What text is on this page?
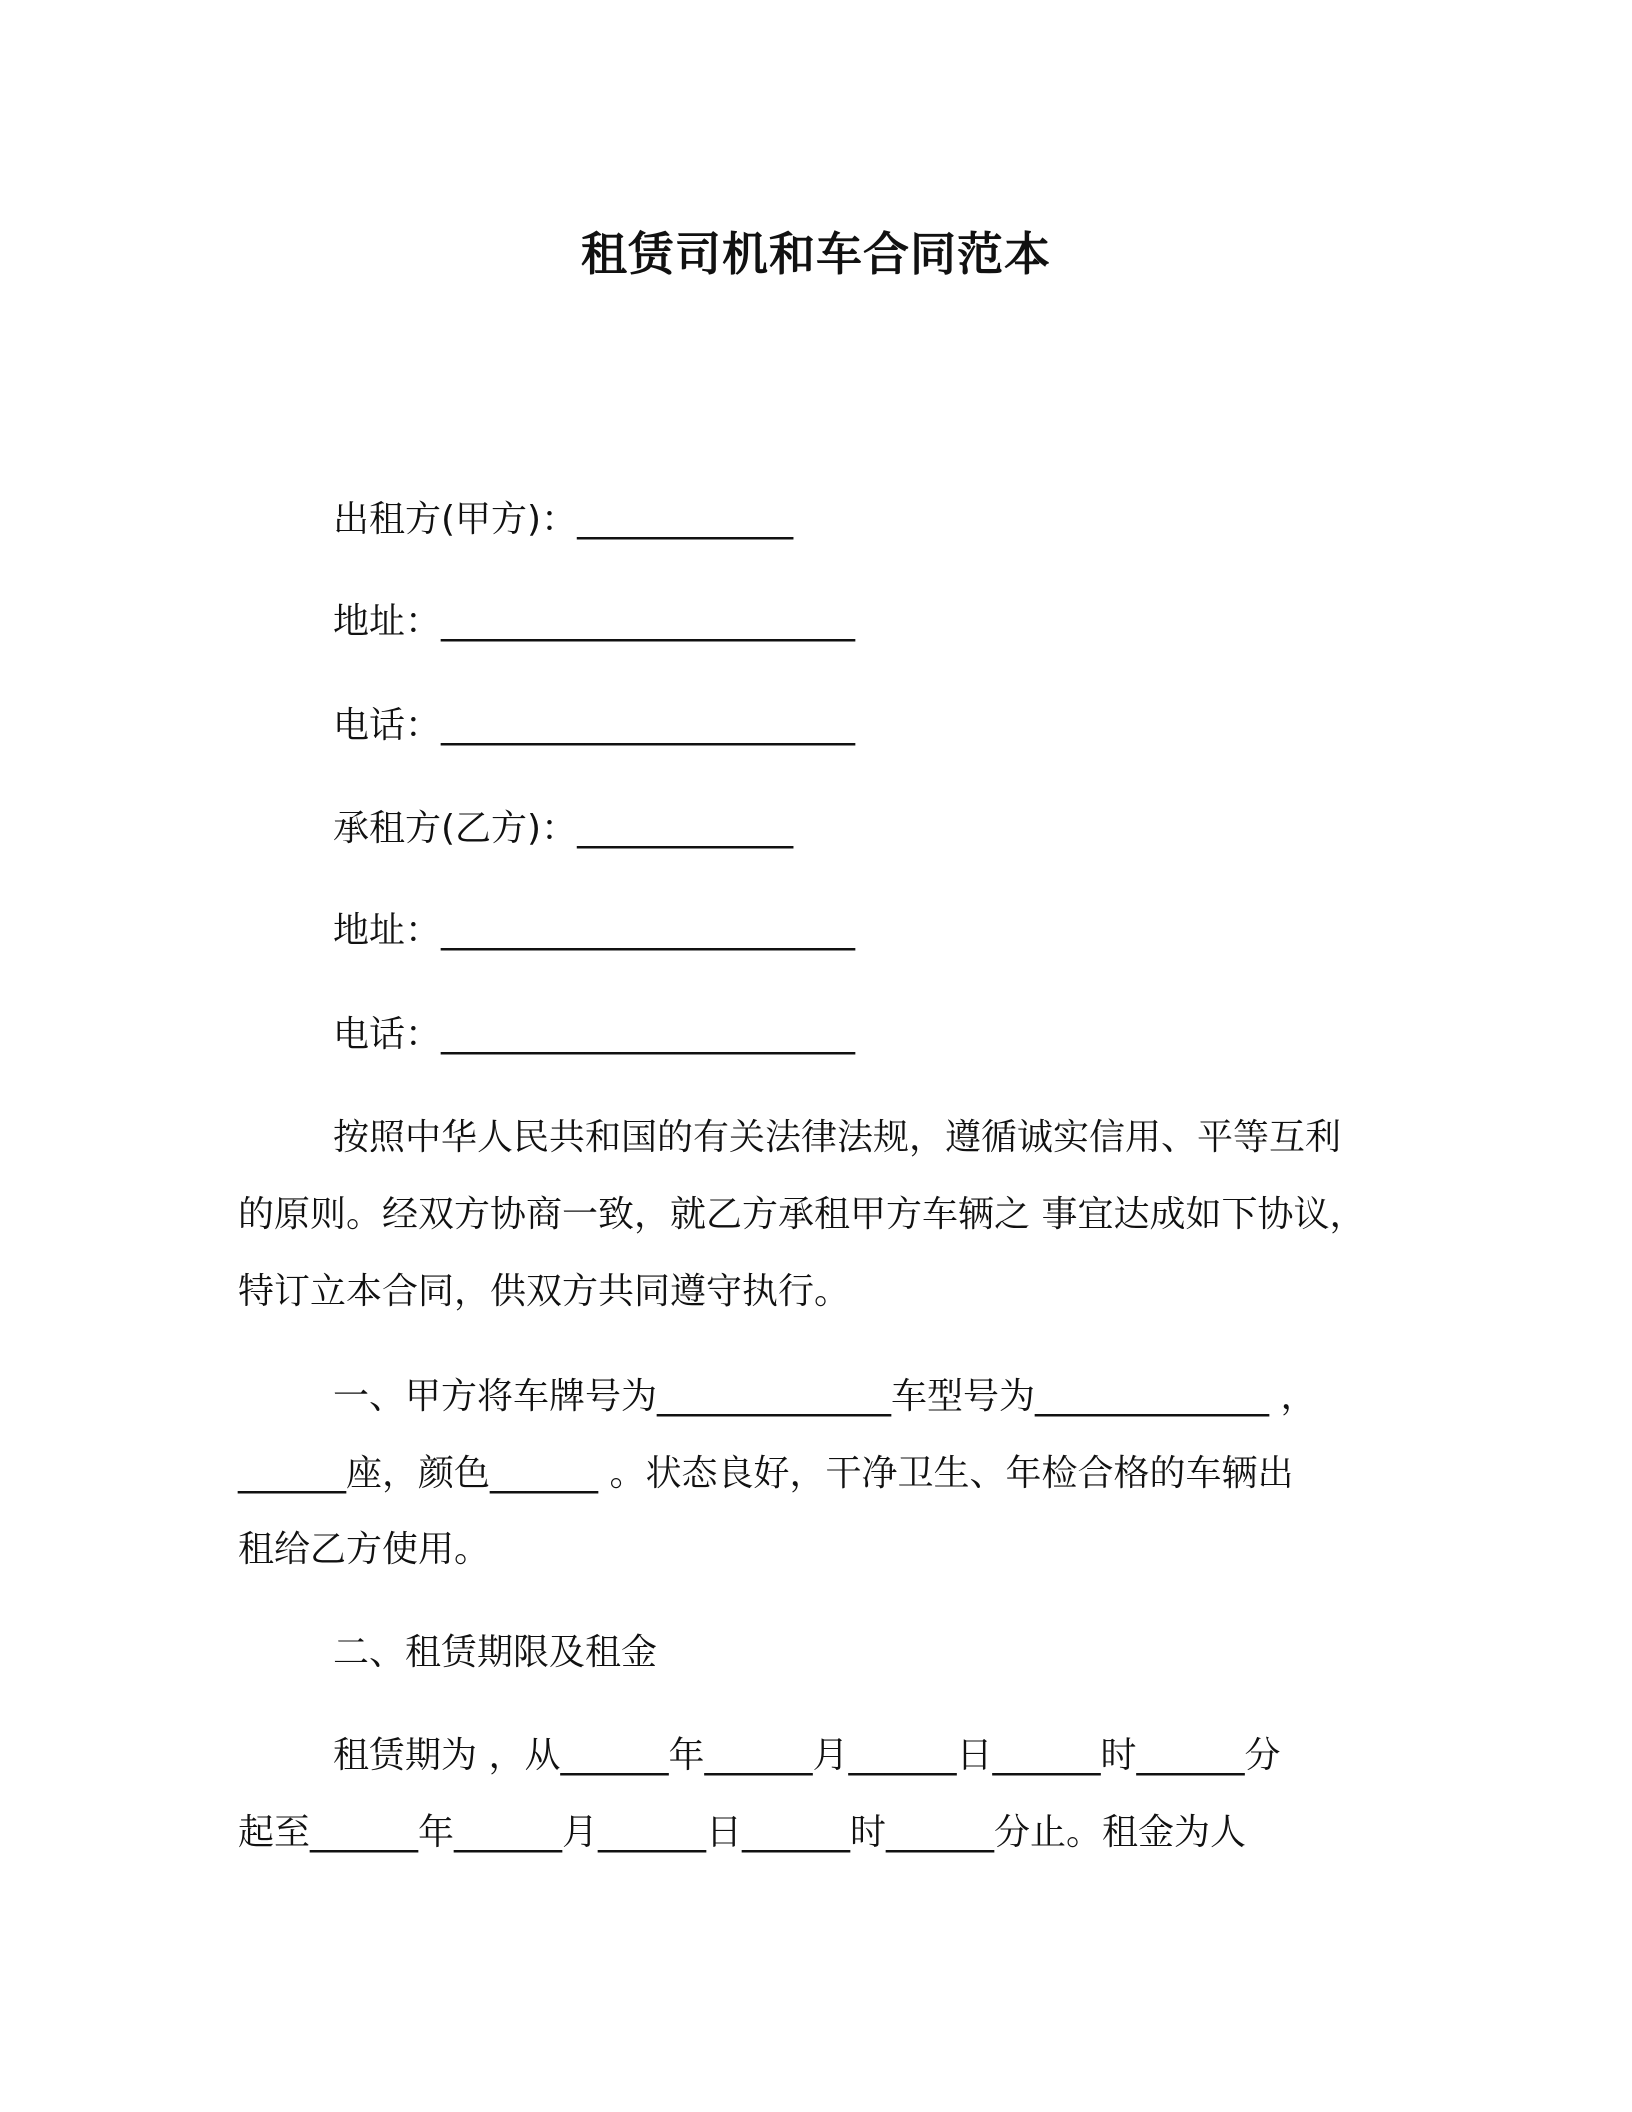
租赁司机和车合同范本
出租方(甲方)：____________
地址：_______________________
电话：_______________________
承租方(乙方)：____________
地址：_______________________
电话：_______________________
按照中华人民共和国的有关法律法规，遵循诚实信用、平等互利
的原则。经双方协商一致，就乙方承租甲方车辆之 事宜达成如下协议，
特订立本合同，供双方共同遵守执行。
一、甲方将车牌号为_____________车型号为_____________ ，
______座，颜色______ 。状态良好，干净卫生、年检合格的车辆出
租给乙方使用。
二、租赁期限及租金
租赁期为 ，从______年______月______日______时______分
起至______年______月______日______时______分止。租金为人
